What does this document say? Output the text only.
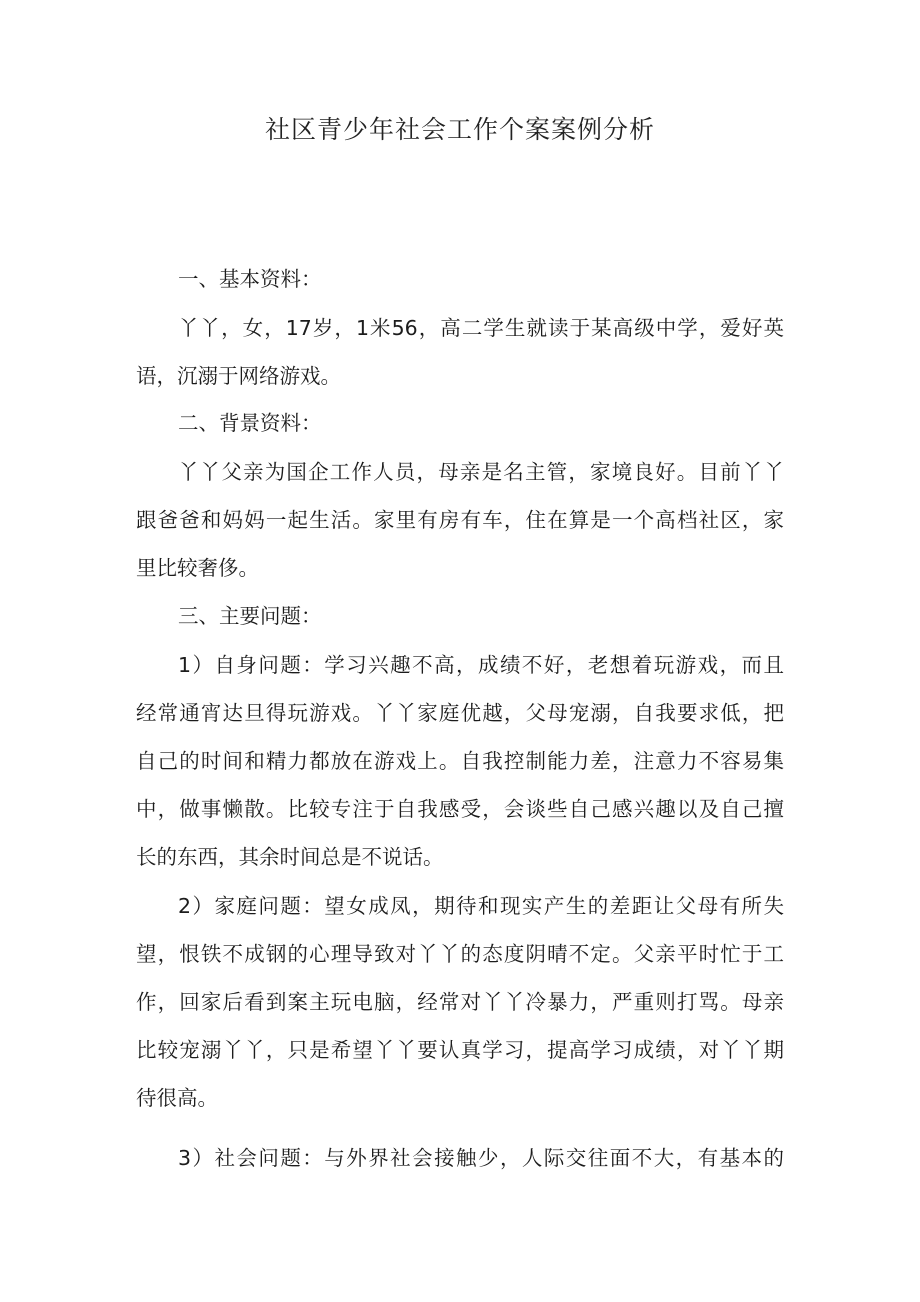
社区青少年社会工作个案案例分析
一、基本资料：
丫丫，女，17岁，1米56，高二学生就读于某高级中学，爱好英
语，沉溺于网络游戏。
二、背景资料：
丫丫父亲为国企工作人员，母亲是名主管，家境良好。目前丫丫
跟爸爸和妈妈一起生活。家里有房有车，住在算是一个高档社区，家
里比较奢侈。
三、主要问题：
1）自身问题：学习兴趣不高，成绩不好，老想着玩游戏，而且
经常通宵达旦得玩游戏。丫丫家庭优越，父母宠溺，自我要求低，把
自己的时间和精力都放在游戏上。自我控制能力差，注意力不容易集
中，做事懒散。比较专注于自我感受，会谈些自己感兴趣以及自己擅
长的东西，其余时间总是不说话。
2）家庭问题：望女成凤，期待和现实产生的差距让父母有所失
望，恨铁不成钢的心理导致对丫丫的态度阴晴不定。父亲平时忙于工
作，回家后看到案主玩电脑，经常对丫丫冷暴力，严重则打骂。母亲
比较宠溺丫丫，只是希望丫丫要认真学习，提高学习成绩，对丫丫期
待很高。
3）社会问题：与外界社会接触少，人际交往面不大，有基本的
